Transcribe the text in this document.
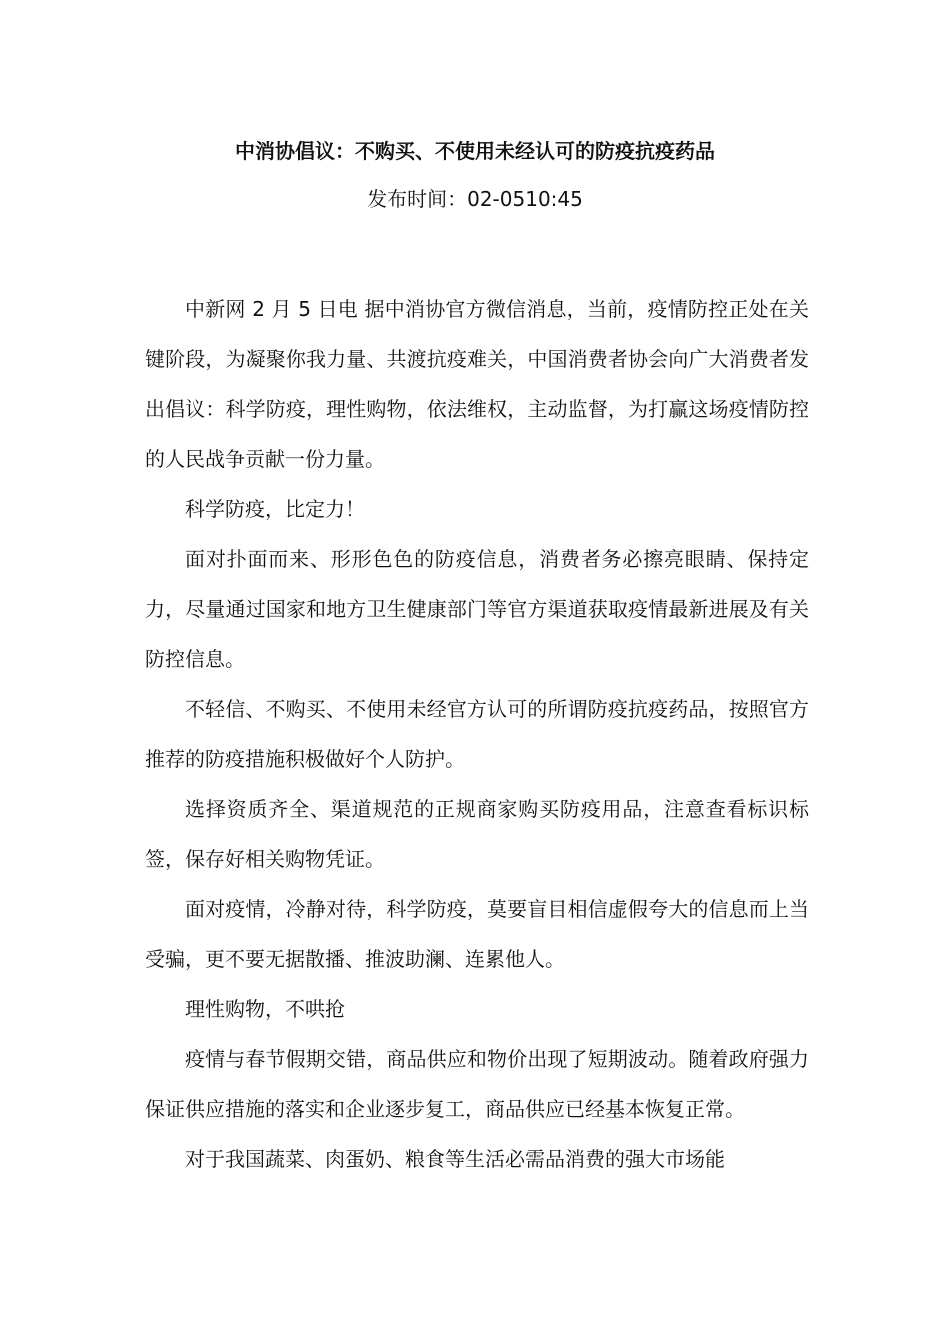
中消协倡议：不购买、不使用未经认可的防疫抗疫药品
发布时间：02-0510:45

中新网 2 月 5 日电 据中消协官方微信消息，当前，疫情防控正处在关键阶段，为凝聚你我力量、共渡抗疫难关，中国消费者协会向广大消费者发出倡议：科学防疫，理性购物，依法维权，主动监督，为打赢这场疫情防控的人民战争贡献一份力量。

科学防疫，比定力！

面对扑面而来、形形色色的防疫信息，消费者务必擦亮眼睛、保持定力，尽量通过国家和地方卫生健康部门等官方渠道获取疫情最新进展及有关防控信息。

不轻信、不购买、不使用未经官方认可的所谓防疫抗疫药品，按照官方推荐的防疫措施积极做好个人防护。

选择资质齐全、渠道规范的正规商家购买防疫用品，注意查看标识标签，保存好相关购物凭证。

面对疫情，冷静对待，科学防疫，莫要盲目相信虚假夸大的信息而上当受骗，更不要无据散播、推波助澜、连累他人。

理性购物，不哄抢

疫情与春节假期交错，商品供应和物价出现了短期波动。随着政府强力保证供应措施的落实和企业逐步复工，商品供应已经基本恢复正常。

对于我国蔬菜、肉蛋奶、粮食等生活必需品消费的强大市场能
